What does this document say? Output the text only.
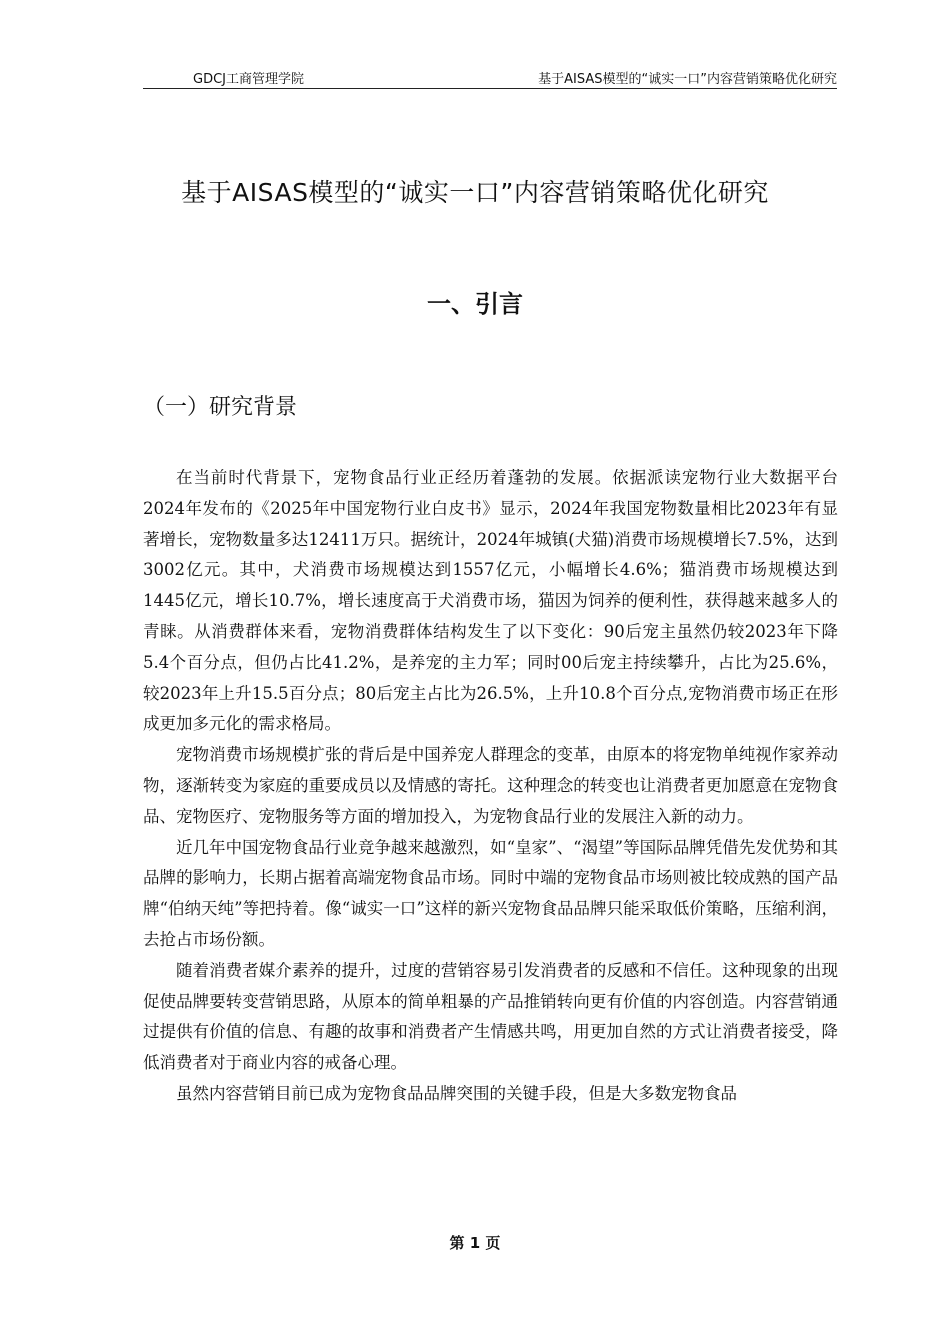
GDCJ工商管理学院	基于AISAS模型的“诚实一口”内容营销策略优化研究
基于AISAS模型的“诚实一口”内容营销策略优化研究
一、引言
（一）研究背景

在当前时代背景下，宠物食品行业正经历着蓬勃的发展。依据派读宠物行业大数据平台2024年发布的《2025年中国宠物行业白皮书》显示，2024年我国宠物数量相比2023年有显著增长，宠物数量多达12411万只。据统计，2024年城镇(犬猫)消费市场规模增长7.5%，达到3002亿元。其中，犬消费市场规模达到1557亿元，小幅增长4.6%；猫消费市场规模达到1445亿元，增长10.7%，增长速度高于犬消费市场，猫因为饲养的便利性，获得越来越多人的青睐。从消费群体来看，宠物消费群体结构发生了以下变化：90后宠主虽然仍较2023年下降5.4个百分点，但仍占比41.2%，是养宠的主力军；同时00后宠主持续攀升，占比为25.6%，较2023年上升15.5百分点；80后宠主占比为26.5%，上升10.8个百分点,宠物消费市场正在形成更加多元化的需求格局。

宠物消费市场规模扩张的背后是中国养宠人群理念的变革，由原本的将宠物单纯视作家养动物，逐渐转变为家庭的重要成员以及情感的寄托。这种理念的转变也让消费者更加愿意在宠物食品、宠物医疗、宠物服务等方面的增加投入，为宠物食品行业的发展注入新的动力。

近几年中国宠物食品行业竞争越来越激烈，如“皇家”、“渴望”等国际品牌凭借先发优势和其品牌的影响力，长期占据着高端宠物食品市场。同时中端的宠物食品市场则被比较成熟的国产品牌“伯纳天纯”等把持着。像“诚实一口”这样的新兴宠物食品品牌只能采取低价策略，压缩利润，去抢占市场份额。

随着消费者媒介素养的提升，过度的营销容易引发消费者的反感和不信任。这种现象的出现促使品牌要转变营销思路，从原本的简单粗暴的产品推销转向更有价值的内容创造。内容营销通过提供有价值的信息、有趣的故事和消费者产生情感共鸣，用更加自然的方式让消费者接受，降低消费者对于商业内容的戒备心理。

虽然内容营销目前已成为宠物食品品牌突围的关键手段，但是大多数宠物食品

第 1 页
